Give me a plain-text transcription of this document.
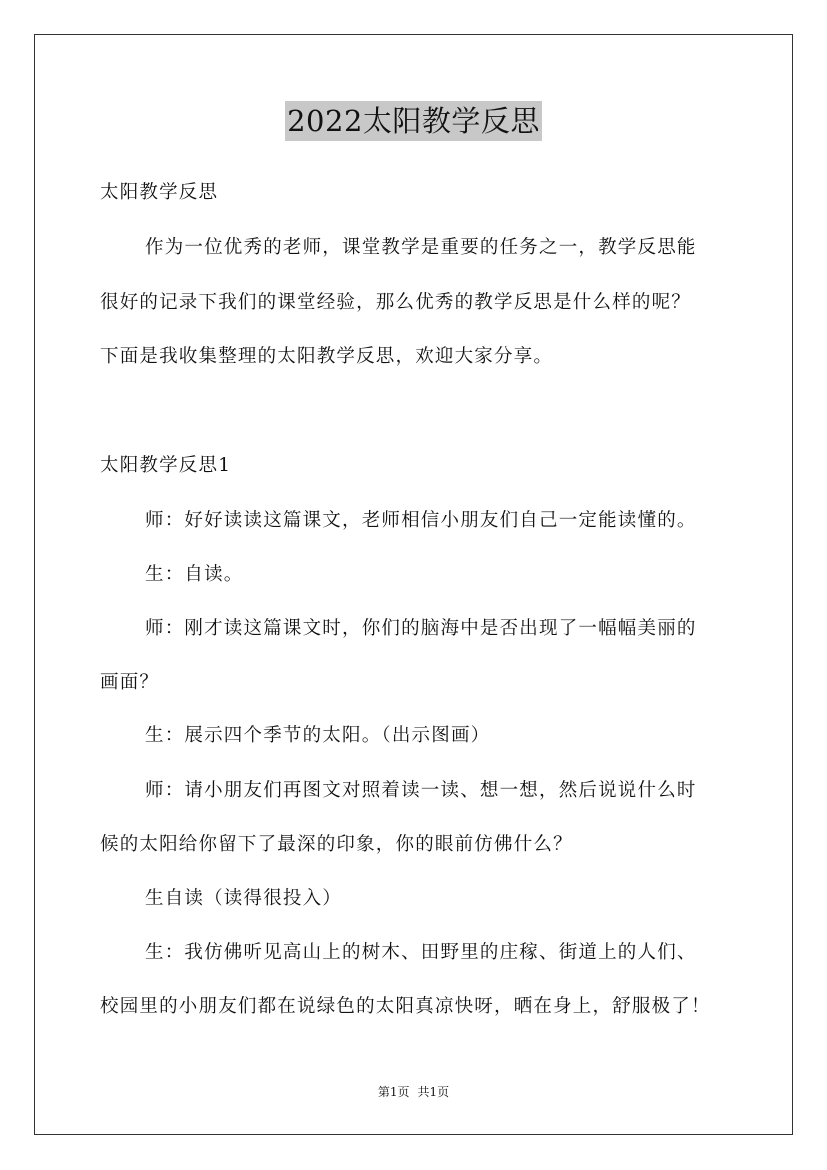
2022太阳教学反思
太阳教学反思
作为一位优秀的老师，课堂教学是重要的任务之一，教学反思能
很好的记录下我们的课堂经验，那么优秀的教学反思是什么样的呢？
下面是我收集整理的太阳教学反思，欢迎大家分享。
太阳教学反思1
师：好好读读这篇课文，老师相信小朋友们自己一定能读懂的。
生：自读。
师：刚才读这篇课文时，你们的脑海中是否出现了一幅幅美丽的
画面？
生：展示四个季节的太阳。（出示图画）
师：请小朋友们再图文对照着读一读、想一想，然后说说什么时
候的太阳给你留下了最深的印象，你的眼前仿佛什么？
生自读（读得很投入）
生：我仿佛听见高山上的树木、田野里的庄稼、街道上的人们、
校园里的小朋友们都在说绿色的太阳真凉快呀，晒在身上，舒服极了！
第1页 共1页
